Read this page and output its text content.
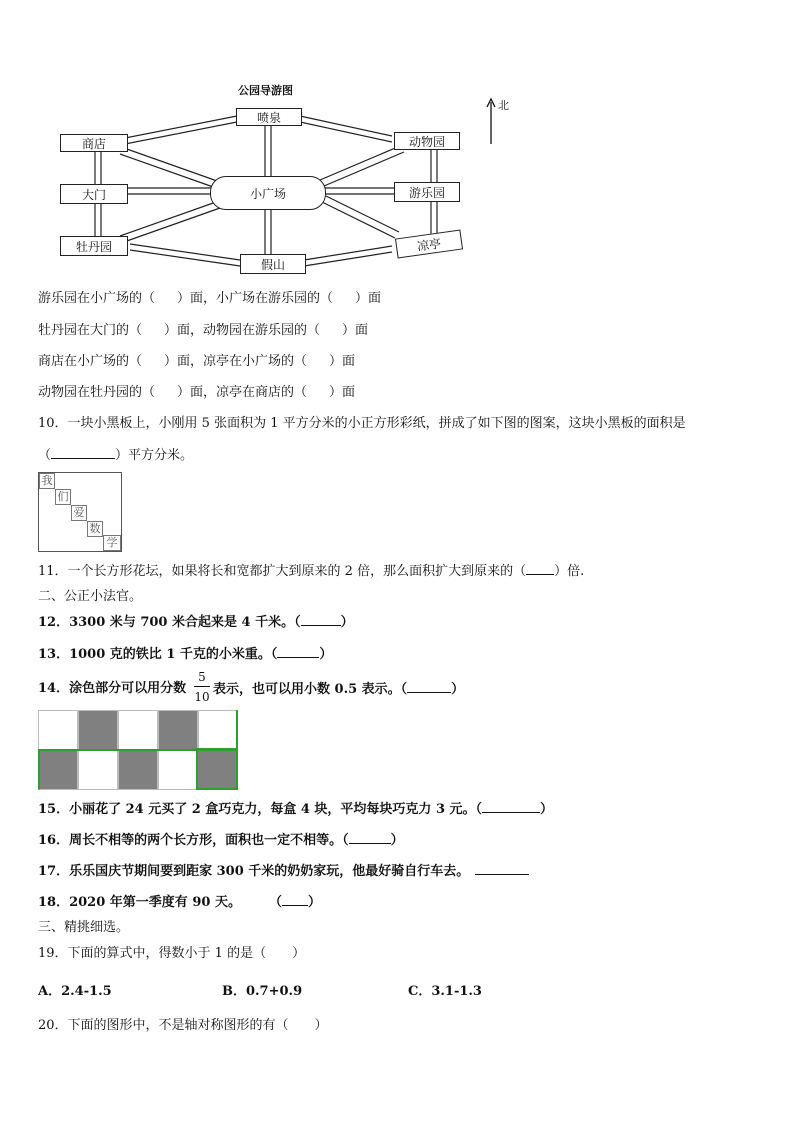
公园导游图
喷泉
商店	动物园
大门	小广场	游乐园
牡丹园
假山
凉亭
北
游乐园在小广场的（ ）面，小广场在游乐园的（ ）面
牡丹园在大门的（ ）面，动物园在游乐园的（ ）面
商店在小广场的（ ）面，凉亭在小广场的（ ）面
动物园在牡丹园的（ ）面，凉亭在商店的（ ）面
10．一块小黑板上，小刚用 5 张面积为 1 平方分米的小正方形彩纸，拼成了如下图的图案，这块小黑板的面积是
（	）平方分米。
我
们
爱
数
学
11．一个长方形花坛，如果将长和宽都扩大到原来的 2 倍，那么面积扩大到原来的（ ）倍.
二、公正小法官。
12．3300 米与 700 米合起来是 4 千米。（	）
13．1000 克的铁比 1 千克的小米重。（	）
14．涂色部分可以用分数
5
10 表示，也可以用小数 0.5 表示。（	）
15．小丽花了 24 元买了 2 盒巧克力，每盒 4 块，平均每块巧克力 3 元。（	）
16．周长不相等的两个长方形，面积也一定不相等。（	）
17．乐乐国庆节期间要到距家 300 千米的奶奶家玩，他最好骑自行车去。
18．2020 年第一季度有 90 天。 （ ）
三、精挑细选。
19．下面的算式中，得数小于 1 的是（　　）
A．2.4-1.5	B．0.7+0.9	C．3.1-1.3
20．下面的图形中，不是轴对称图形的有（　　）
